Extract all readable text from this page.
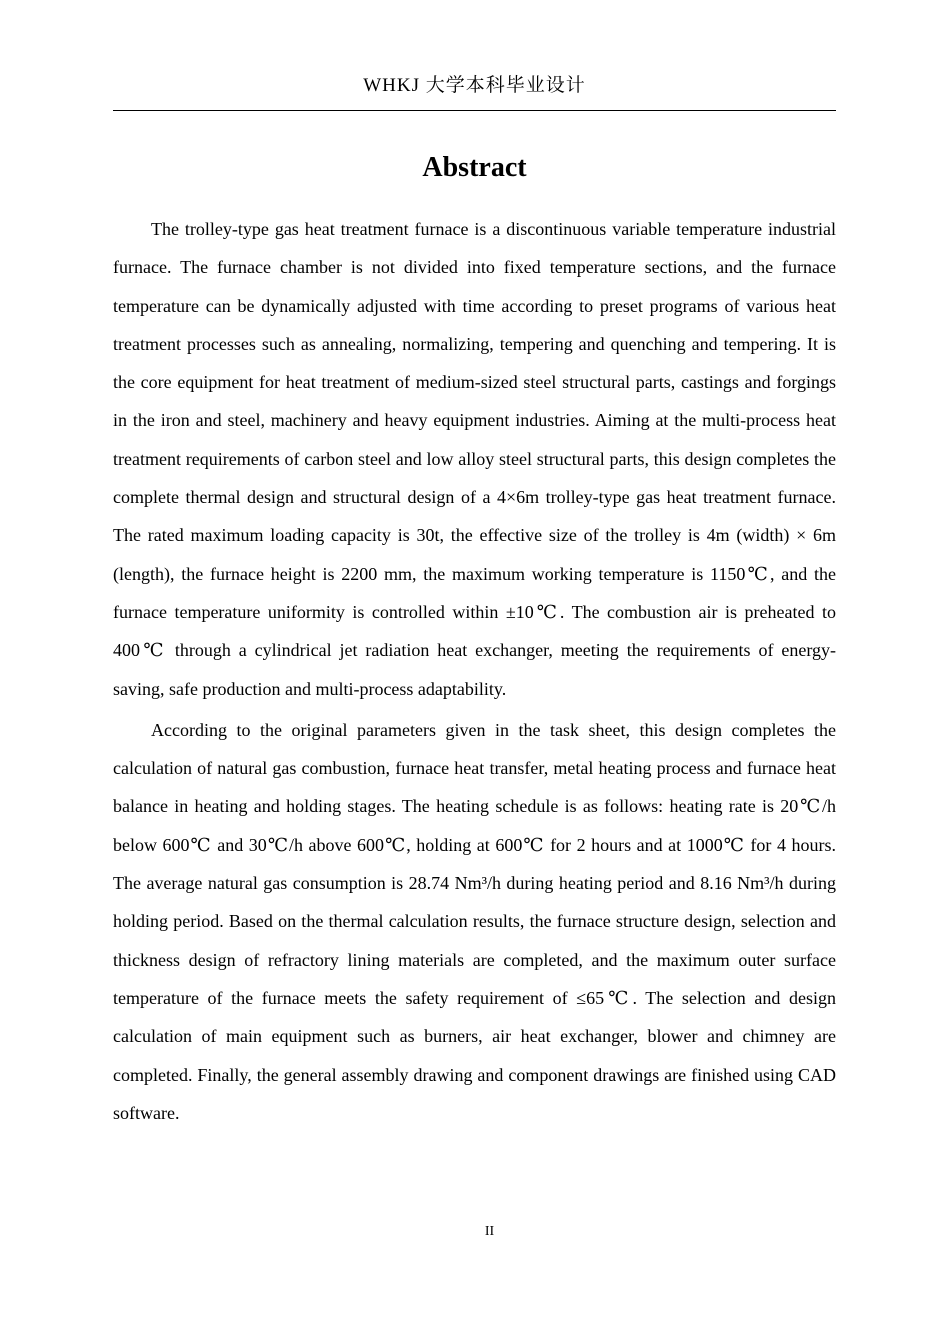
WHKJ 大学本科毕业设计
Abstract

The trolley-type gas heat treatment furnace is a discontinuous variable temperature industrial furnace. The furnace chamber is not divided into fixed temperature sections, and the furnace temperature can be dynamically adjusted with time according to preset programs of various heat treatment processes such as annealing, normalizing, tempering and quenching and tempering. It is the core equipment for heat treatment of medium-sized steel structural parts, castings and forgings in the iron and steel, machinery and heavy equipment industries. Aiming at the multi-process heat treatment requirements of carbon steel and low alloy steel structural parts, this design completes the complete thermal design and structural design of a 4×6m trolley-type gas heat treatment furnace. The rated maximum loading capacity is 30t, the effective size of the trolley is 4m (width) × 6m (length), the furnace height is 2200 mm, the maximum working temperature is 1150℃, and the furnace temperature uniformity is controlled within ±10℃. The combustion air is preheated to 400℃ through a cylindrical jet radiation heat exchanger, meeting the requirements of energy-saving, safe production and multi-process adaptability.

According to the original parameters given in the task sheet, this design completes the calculation of natural gas combustion, furnace heat transfer, metal heating process and furnace heat balance in heating and holding stages. The heating schedule is as follows: heating rate is 20℃/h below 600℃ and 30℃/h above 600℃, holding at 600℃ for 2 hours and at 1000℃ for 4 hours. The average natural gas consumption is 28.74 Nm³/h during heating period and 8.16 Nm³/h during holding period. Based on the thermal calculation results, the furnace structure design, selection and thickness design of refractory lining materials are completed, and the maximum outer surface temperature of the furnace meets the safety requirement of ≤65℃. The selection and design calculation of main equipment such as burners, air heat exchanger, blower and chimney are completed. Finally, the general assembly drawing and component drawings are finished using CAD software.

II
